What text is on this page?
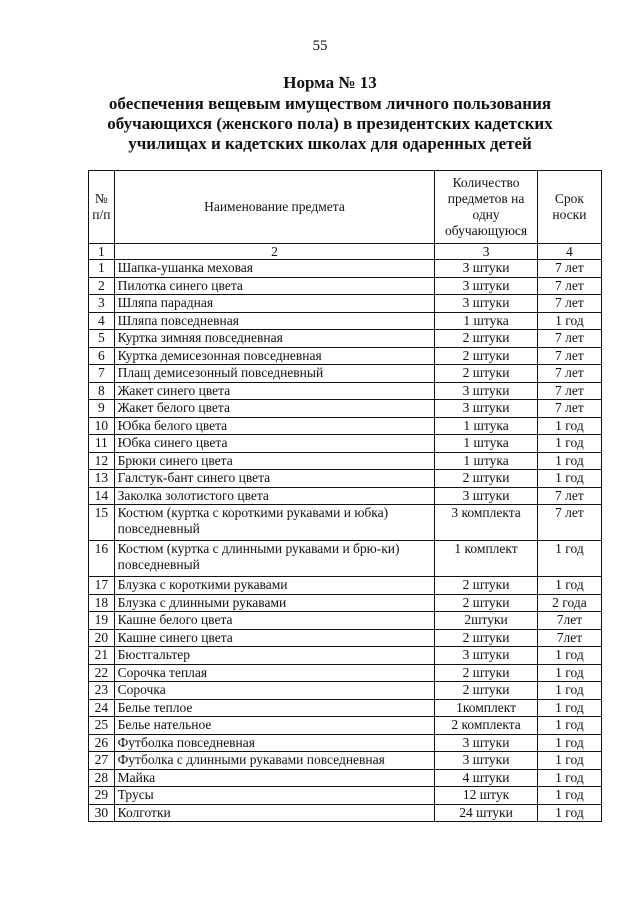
55
Норма № 13
обеспечения вещевым имуществом личного пользования
обучающихся (женского пола) в президентских кадетских
училищах и кадетских школах для одаренных детей
№ п/п	Наименование предмета	Количество предметов на одну обучающуюся	Срок носки
1	2	3	4
1	Шапка-ушанка меховая	3 штуки	7 лет
2	Пилотка синего цвета	3 штуки	7 лет
3	Шляпа парадная	3 штуки	7 лет
4	Шляпа повседневная	1 штука	1 год
5	Куртка зимняя повседневная	2 штуки	7 лет
6	Куртка демисезонная повседневная	2 штуки	7 лет
7	Плащ демисезонный повседневный	2 штуки	7 лет
8	Жакет синего цвета	3 штуки	7 лет
9	Жакет белого цвета	3 штуки	7 лет
10	Юбка белого цвета	1 штука	1 год
11	Юбка синего цвета	1 штука	1 год
12	Брюки синего цвета	1 штука	1 год
13	Галстук-бант синего цвета	2 штуки	1 год
14	Заколка золотистого цвета	3 штуки	7 лет
15	Костюм (куртка с короткими рукавами и юбка) повседневный	3 комплекта	7 лет
16	Костюм (куртка с длинными рукавами и брю-ки) повседневный	1 комплект	1 год
17	Блузка с короткими рукавами	2 штуки	1 год
18	Блузка с длинными рукавами	2 штуки	2 года
19	Кашне белого цвета	2штуки	7лет
20	Кашне синего цвета	2 штуки	7лет
21	Бюстгальтер	3 штуки	1 год
22	Сорочка теплая	2 штуки	1 год
23	Сорочка	2 штуки	1 год
24	Белье теплое	1комплект	1 год
25	Белье нательное	2 комплекта	1 год
26	Футболка повседневная	3 штуки	1 год
27	Футболка с длинными рукавами повседневная	3 штуки	1 год
28	Майка	4 штуки	1 год
29	Трусы	12 штук	1 год
30	Колготки	24 штуки	1 год
